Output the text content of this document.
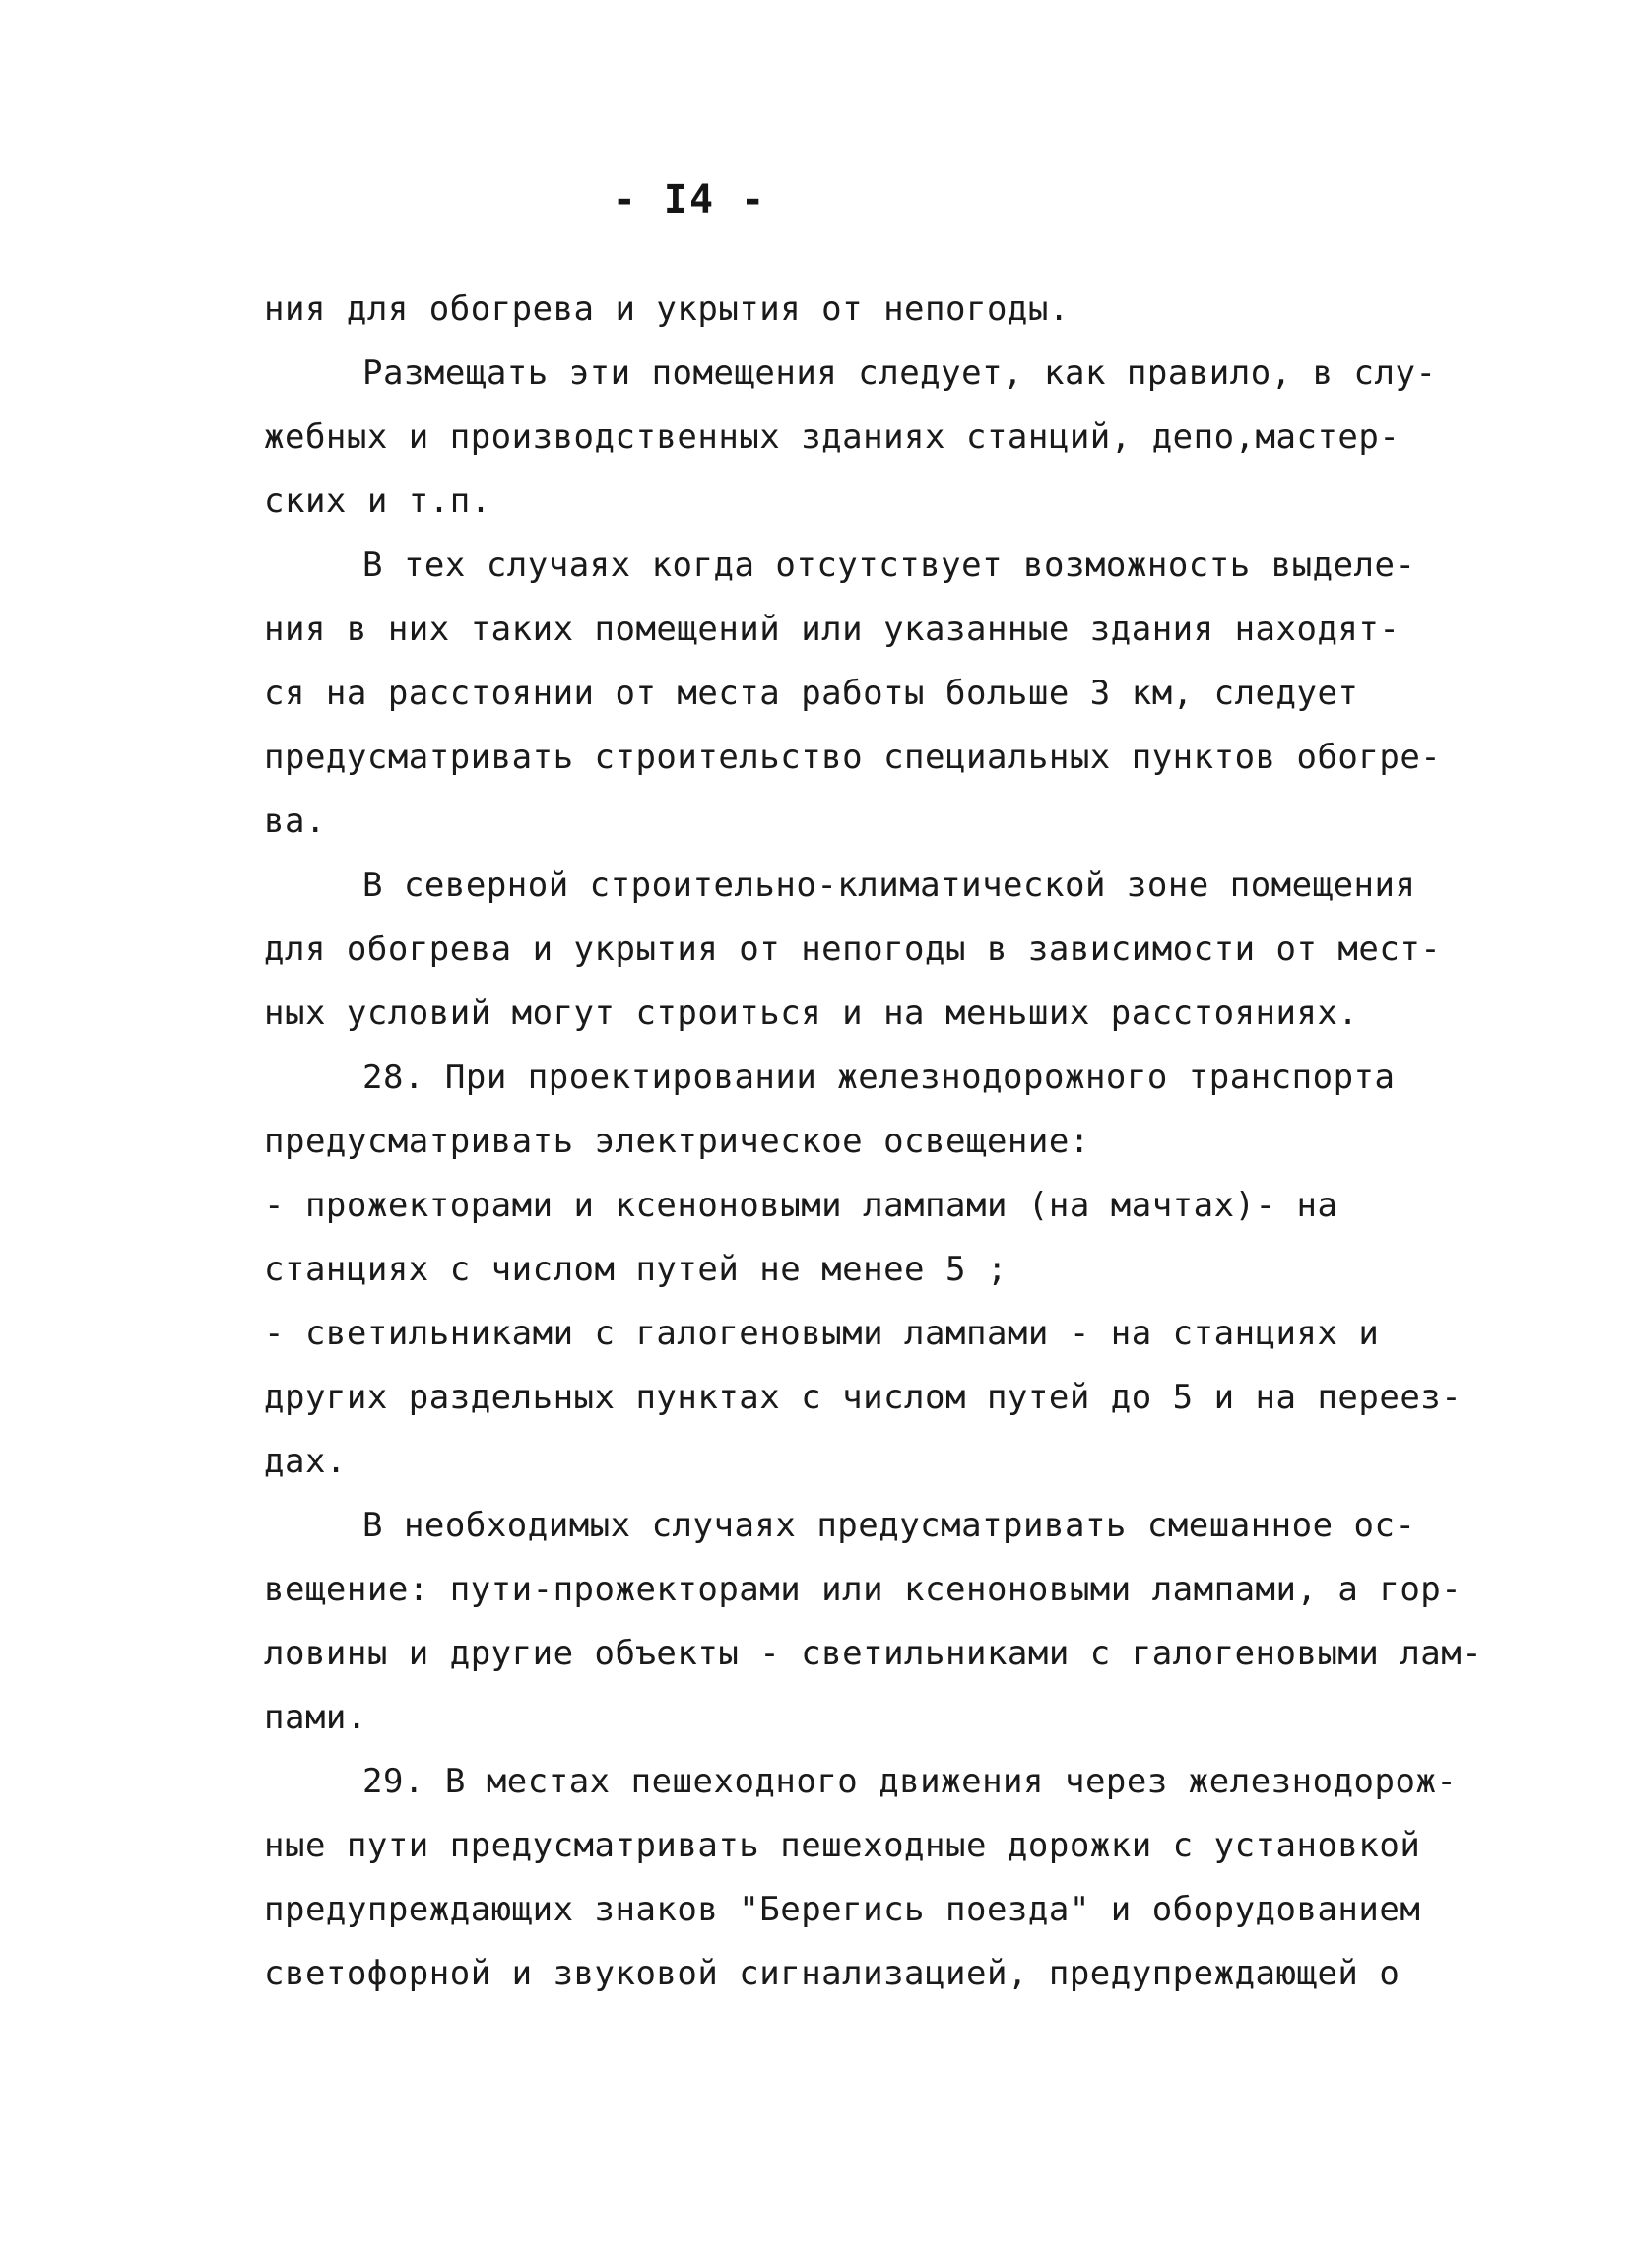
- I4 -
ния для обогрева и укрытия от непогоды.
Размещать эти помещения следует, как правило, в слу-
жебных и производственных зданиях станций, депо,мастер-
ских и т.п.
В тех случаях когда отсутствует возможность выделе-
ния в них таких помещений или указанные здания находят-
ся на расстоянии от места работы больше 3 км, следует
предусматривать строительство специальных пунктов обогре-
ва.
В северной строительно-климатической зоне помещения
для обогрева и укрытия от непогоды в зависимости от мест-
ных условий могут строиться и на меньших расстояниях.
28. При проектировании железнодорожного транспорта
предусматривать электрическое освещение:
- прожекторами и ксеноновыми лампами (на мачтах)- на
станциях с числом путей не менее 5 ;
- светильниками с галогеновыми лампами - на станциях и
других раздельных пунктах с числом путей до 5 и на переез-
дах.
В необходимых случаях предусматривать смешанное ос-
вещение: пути-прожекторами или ксеноновыми лампами, а гор-
ловины и другие объекты - светильниками с галогеновыми лам-
пами.
29. В местах пешеходного движения через железнодорож-
ные пути предусматривать пешеходные дорожки с установкой
предупреждающих знаков "Берегись поезда" и оборудованием
светофорной и звуковой сигнализацией, предупреждающей о
